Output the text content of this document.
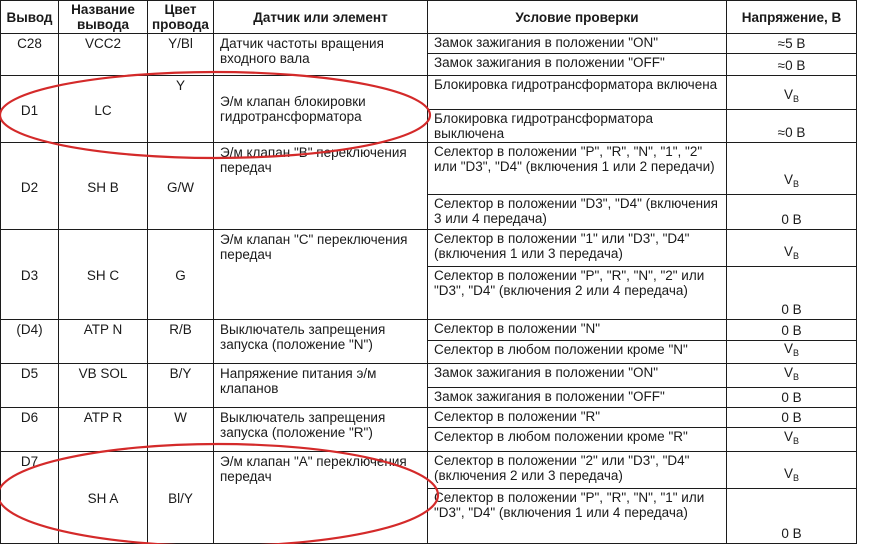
Вывод	Название вывода	Цвет провода	Датчик или элемент	Условие проверки	Напряжение, В
C28	VCC2	Y/Bl	Датчик частоты вращения входного вала	Замок зажигания в положении "ON"	≈5 В
				Замок зажигания в положении "OFF"	≈0 В
D1	LC	Y	Э/м клапан блокировки гидротрансформатора	Блокировка гидротрансформатора включена	$V_B$
				Блокировка гидротрансформатора выключена	≈0 В
D2	SH B	G/W	Э/м клапан "В" переключения передач	Селектор в положении "P", "R", "N", "1", "2" или "D3", "D4" (включения 1 или 2 передачи)	$V_B$
				Селектор в положении "D3", "D4" (включения 3 или 4 передача)	0 В
D3	SH C	G	Э/м клапан "С" переключения передач	Селектор в положении "1" или "D3", "D4" (включения 1 или 3 передача)	$V_B$
				Селектор в положении "P", "R", "N", "2" или "D3", "D4" (включения 2 или 4 передача)	0 В
(D4)	ATP N	R/B	Выключатель запрещения запуска (положение "N")	Селектор в положении "N"	0 В
				Селектор в любом положении кроме "N"	$V_B$
D5	VB SOL	B/Y	Напряжение питания э/м клапанов	Замок зажигания в положении "ON"	$V_B$
				Замок зажигания в положении "OFF"	0 В
D6	ATP R	W	Выключатель запрещения запуска (положение "R")	Селектор в положении "R"	0 В
				Селектор в любом положении кроме "R"	$V_B$
D7	SH A	Bl/Y	Э/м клапан "А" переключения передач	Селектор в положении "2" или "D3", "D4" (включения 2 или 3 передача)	$V_B$
				Селектор в положении "P", "R", "N", "1" или "D3", "D4" (включения 1 или 4 передача)	0 В
